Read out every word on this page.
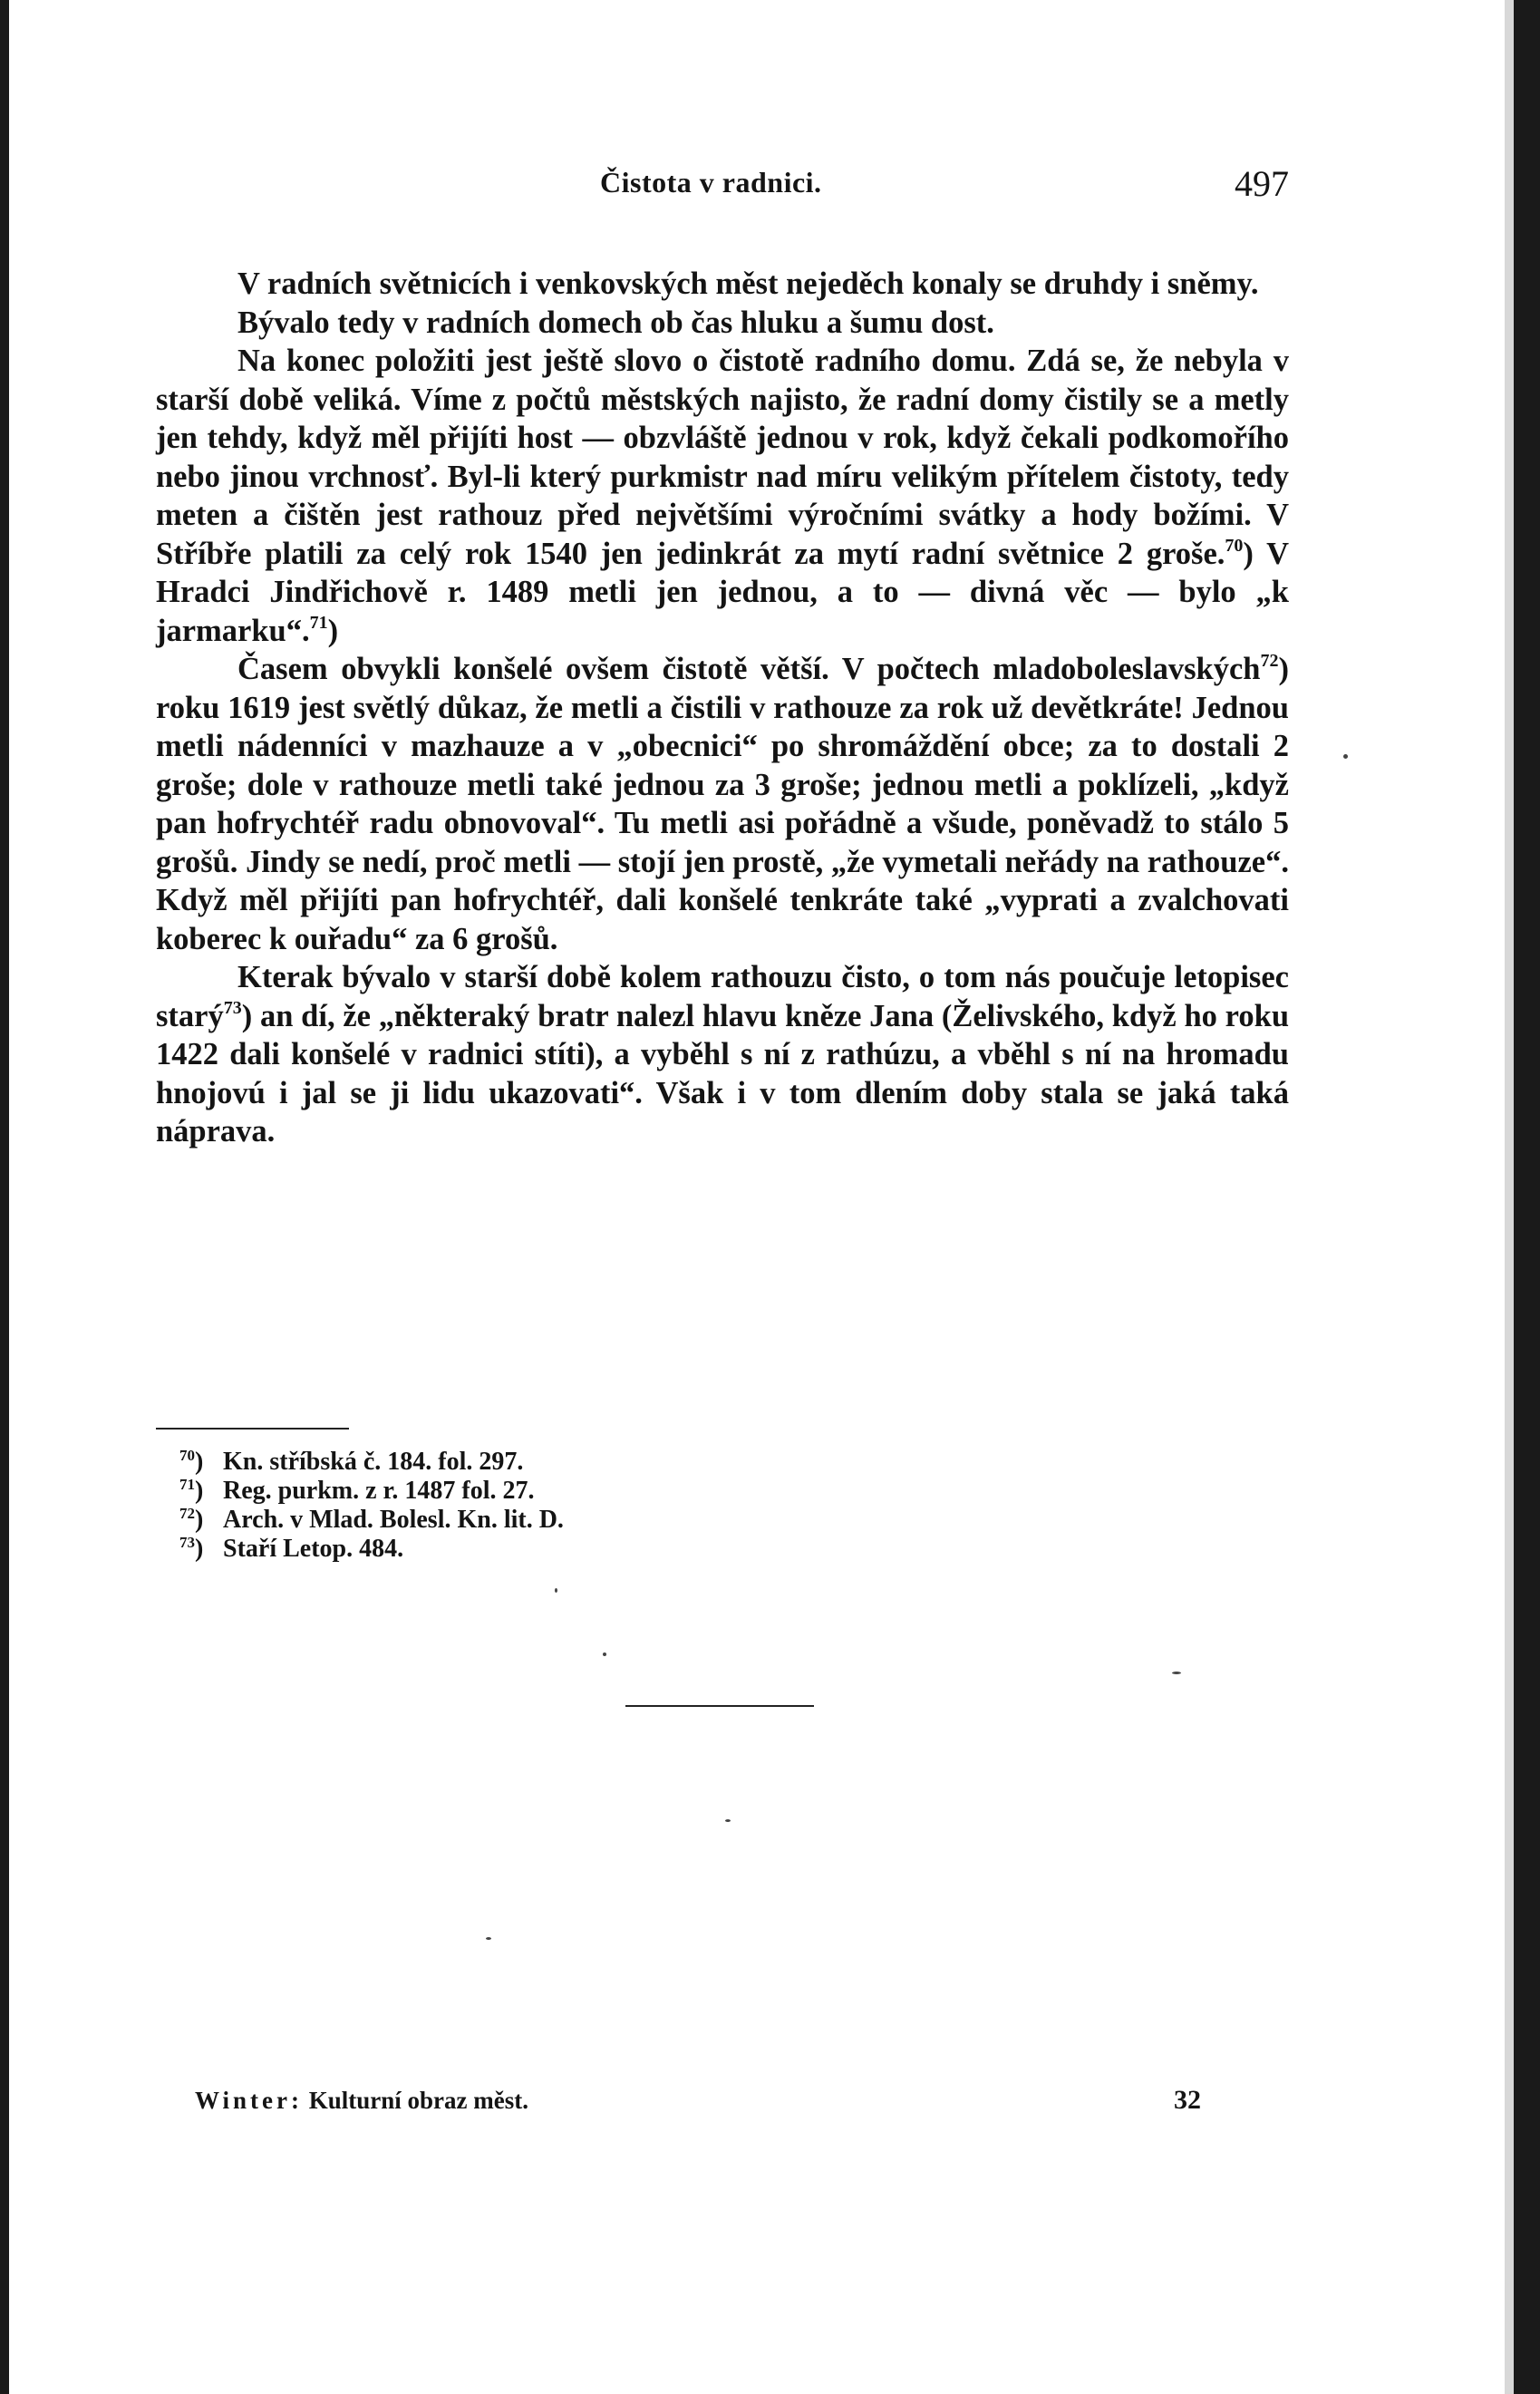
Čistota v radnici.	497

V radních světnicích i venkovských měst nejeděch konaly se druhdy i sněmy.

Bývalo tedy v radních domech ob čas hluku a šumu dost.

Na konec položiti jest ještě slovo o čistotě radního domu. Zdá se, že nebyla v starší době veliká. Víme z počtů městských najisto, že radní domy čistily se a metly jen tehdy, když měl přijíti host — obzvláště jednou v rok, když čekali podkomořího nebo jinou vrchnosť. Byl-li který purkmistr nad míru velikým přítelem čistoty, tedy meten a čištěn jest rathouz před největšími výročními svátky a hody božími. V Stříbře platili za celý rok 1540 jen jedinkrát za mytí radní světnice 2 groše.$^{70}$) V Hradci Jindřichově r. 1489 metli jen jednou, a to — divná věc — bylo „k jarmarku“.$^{71}$)

Časem obvykli konšelé ovšem čistotě větší. V počtech mladoboleslavských$^{72}$) roku 1619 jest světlý důkaz, že metli a čistili v rathouze za rok už devětkráte! Jednou metli nádenníci v mazhauze a v „obecnici“ po shromáždění obce; za to dostali 2 groše; dole v rathouze metli také jednou za 3 groše; jednou metli a poklízeli, „když pan hofrychtéř radu obnovoval“. Tu metli asi pořádně a všude, poněvadž to stálo 5 grošů. Jindy se nedí, proč metli — stojí jen prostě, „že vymetali neřády na rathouze“. Když měl přijíti pan hofrychtéř, dali konšelé tenkráte také „vyprati a zvalchovati koberec k ouřadu“ za 6 grošů.

Kterak bývalo v starší době kolem rathouzu čisto, o tom nás poučuje letopisec starý$^{73}$) an dí, že „některaký bratr nalezl hlavu kněze Jana (Želivského, když ho roku 1422 dali konšelé v radnici stíti), a vyběhl s ní z rathúzu, a vběhl s ní na hromadu hnojovú i jal se ji lidu ukazovati“. Však i v tom dlením doby stala se jaká taká náprava.

$^{70}$) Kn. stříbská č. 184. fol. 297.
$^{71}$) Reg. purkm. z r. 1487 fol. 27.
$^{72}$) Arch. v Mlad. Bolesl. Kn. lit. D.
$^{73}$) Staří Letop. 484.
Winter: Kulturní obraz měst.	32
